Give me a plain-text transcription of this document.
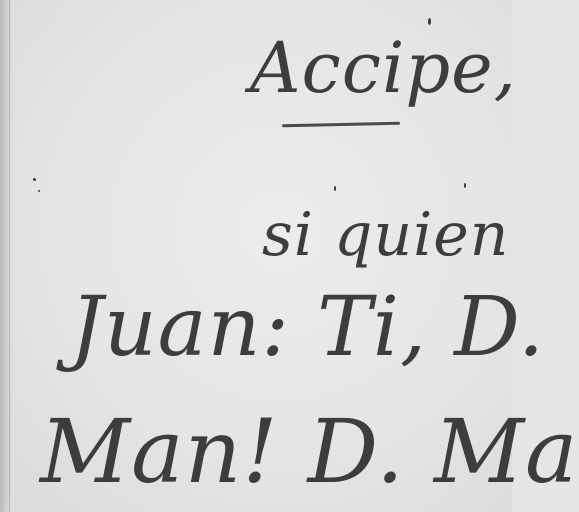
Accipe,
si quien
Juan: Ti, D.
Man! D. Ma
